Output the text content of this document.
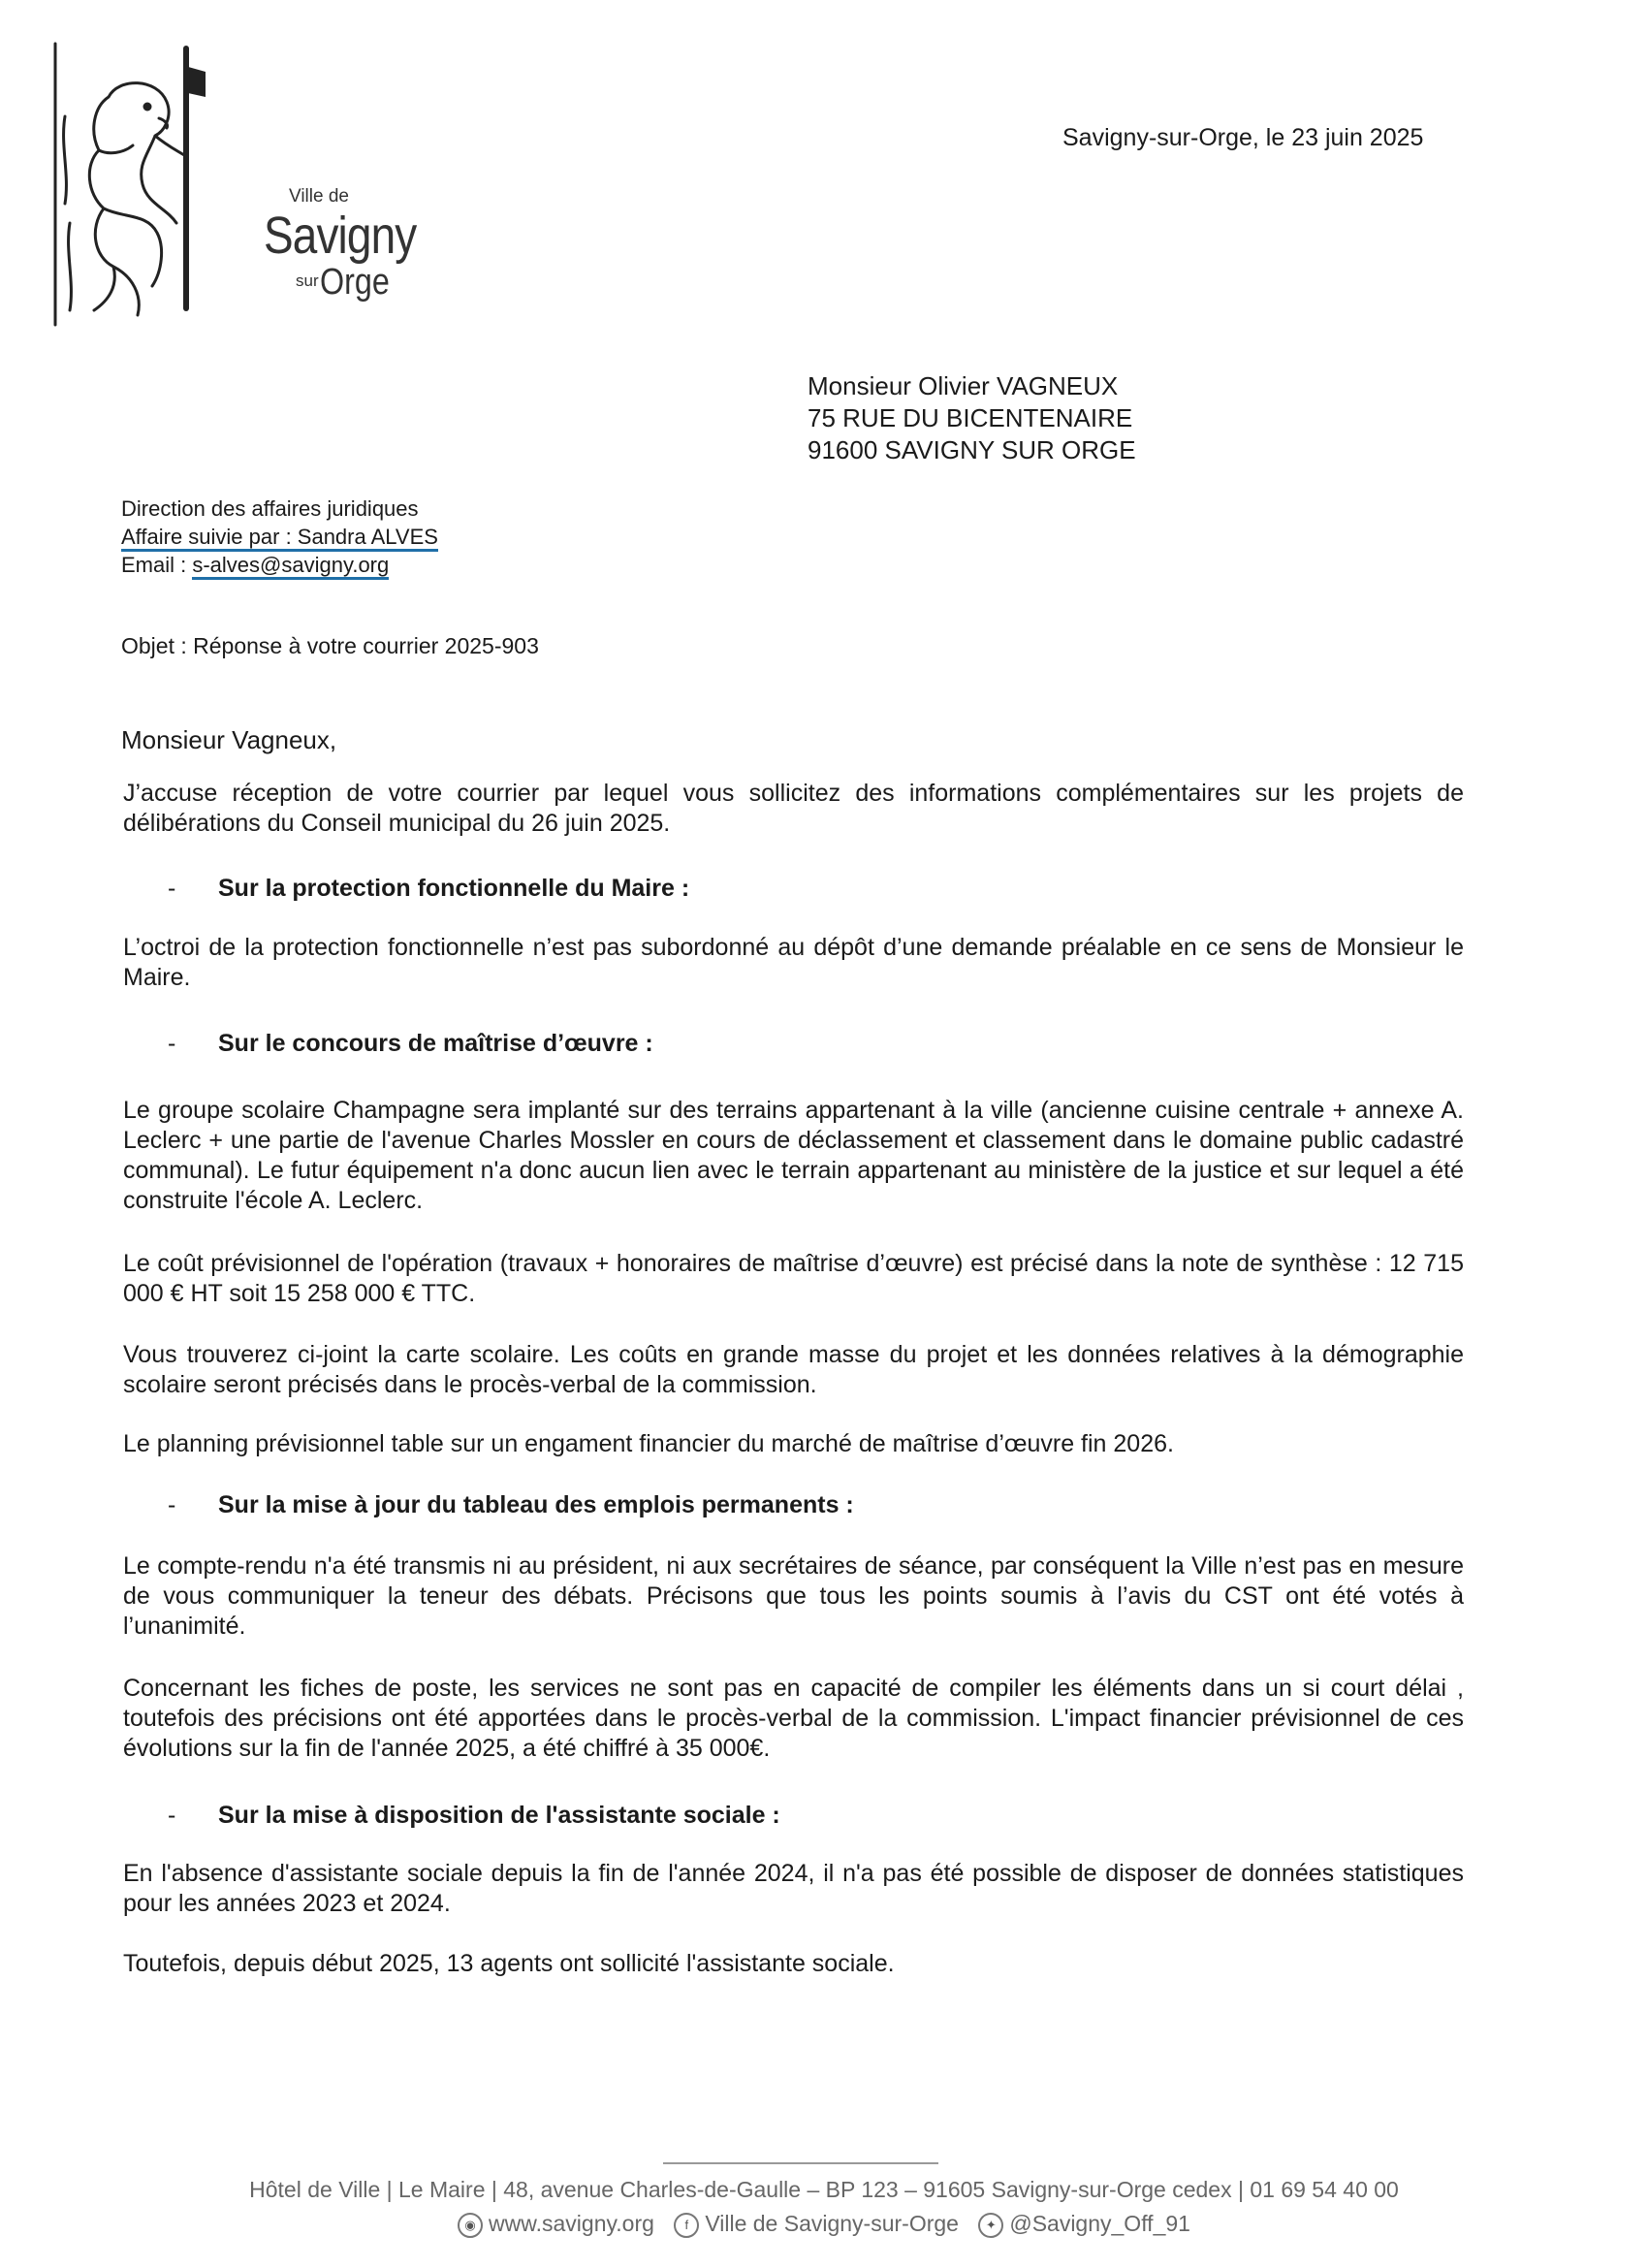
Ville de
Savigny
sur Orge
Savigny-sur-Orge, le 23 juin 2025
Monsieur Olivier VAGNEUX
75 RUE DU BICENTENAIRE
91600 SAVIGNY SUR ORGE
Direction des affaires juridiques
Affaire suivie par : Sandra ALVES
Email : s-alves@savigny.org
Objet : Réponse à votre courrier 2025-903
Monsieur Vagneux,
J’accuse réception de votre courrier par lequel vous sollicitez des informations complémentaires sur les projets de délibérations du Conseil municipal du 26 juin 2025.
- Sur la protection fonctionnelle du Maire :
L’octroi de la protection fonctionnelle n’est pas subordonné au dépôt d’une demande préalable en ce sens de Monsieur le Maire.
- Sur le concours de maîtrise d’œuvre :
Le groupe scolaire Champagne sera implanté sur des terrains appartenant à la ville (ancienne cuisine centrale + annexe A. Leclerc + une partie de l'avenue Charles Mossler en cours de déclassement et classement dans le domaine public cadastré communal). Le futur équipement n'a donc aucun lien avec le terrain appartenant au ministère de la justice et sur lequel a été construite l'école A. Leclerc.
Le coût prévisionnel de l'opération (travaux + honoraires de maîtrise d’œuvre) est précisé dans la note de synthèse : 12 715 000 € HT soit 15 258 000 € TTC.
Vous trouverez ci-joint la carte scolaire. Les coûts en grande masse du projet et les données relatives à la démographie scolaire seront précisés dans le procès-verbal de la commission.
Le planning prévisionnel table sur un engament financier du marché de maîtrise d’œuvre fin 2026.
- Sur la mise à jour du tableau des emplois permanents :
Le compte-rendu n'a été transmis ni au président, ni aux secrétaires de séance, par conséquent la Ville n’est pas en mesure de vous communiquer la teneur des débats. Précisons que tous les points soumis à l’avis du CST ont été votés à l’unanimité.
Concernant les fiches de poste, les services ne sont pas en capacité de compiler les éléments dans un si court délai , toutefois des précisions ont été apportées dans le procès-verbal de la commission. L'impact financier prévisionnel de ces évolutions sur la fin de l'année 2025, a été chiffré à 35 000€.
- Sur la mise à disposition de l'assistante sociale :
En l'absence d'assistante sociale depuis la fin de l'année 2024, il n'a pas été possible de disposer de données statistiques pour les années 2023 et 2024.
Toutefois, depuis début 2025, 13 agents ont sollicité l'assistante sociale.
Hôtel de Ville | Le Maire | 48, avenue Charles-de-Gaulle – BP 123 – 91605 Savigny-sur-Orge cedex | 01 69 54 40 00
◉ www.savigny.org f Ville de Savigny-sur-Orge ✦ @Savigny_Off_91
